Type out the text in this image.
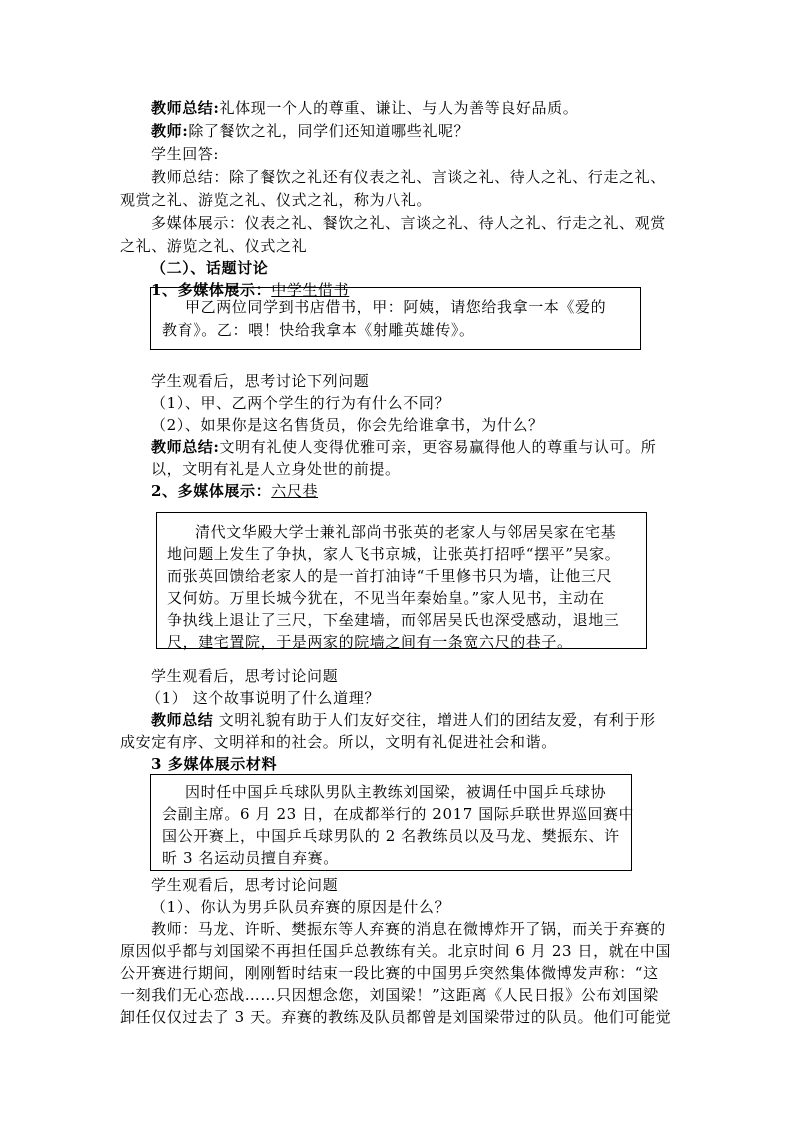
教师总结:礼体现一个人的尊重、谦让、与人为善等良好品质。
教师:除了餐饮之礼，同学们还知道哪些礼呢？
学生回答:
教师总结：除了餐饮之礼还有仪表之礼、言谈之礼、待人之礼、行走之礼、
观赏之礼、游览之礼、仪式之礼，称为八礼。
多媒体展示：仪表之礼、餐饮之礼、言谈之礼、待人之礼、行走之礼、观赏
之礼、游览之礼、仪式之礼
（二）、话题讨论
1、多媒体展示：中学生借书
甲乙两位同学到书店借书，甲：阿姨，请您给我拿一本《爱的
教育》。乙：喂！快给我拿本《射雕英雄传》。
学生观看后，思考讨论下列问题
（1）、甲、乙两个学生的行为有什么不同？
（2）、如果你是这名售货员，你会先给谁拿书，为什么？
教师总结:文明有礼使人变得优雅可亲，更容易赢得他人的尊重与认可。所
以，文明有礼是人立身处世的前提。
2、多媒体展示：六尺巷
清代文华殿大学士兼礼部尚书张英的老家人与邻居吴家在宅基
地问题上发生了争执，家人飞书京城，让张英打招呼“摆平”吴家。
而张英回馈给老家人的是一首打油诗“千里修书只为墙，让他三尺
又何妨。万里长城今犹在，不见当年秦始皇。”家人见书，主动在
争执线上退让了三尺，下垒建墙，而邻居吴氏也深受感动，退地三
尺，建宅置院，于是两家的院墙之间有一条宽六尺的巷子。
学生观看后，思考讨论问题
（1） 这个故事说明了什么道理？
教师总结 文明礼貌有助于人们友好交往，增进人们的团结友爱，有利于形
成安定有序、文明祥和的社会。所以，文明有礼促进社会和谐。
3 多媒体展示材料
因时任中国乒乓球队男队主教练刘国梁，被调任中国乒乓球协
会副主席。6 月 23 日，在成都举行的 2017 国际乒联世界巡回赛中
国公开赛上，中国乒乓球男队的 2 名教练员以及马龙、樊振东、许
昕 3 名运动员擅自弃赛。
学生观看后，思考讨论问题
（1）、你认为男乒队员弃赛的原因是什么？
教师：马龙、许昕、樊振东等人弃赛的消息在微博炸开了锅，而关于弃赛的
原因似乎都与刘国梁不再担任国乒总教练有关。北京时间 6 月 23 日，就在中国
公开赛进行期间，刚刚暂时结束一段比赛的中国男乒突然集体微博发声称：“这
一刻我们无心恋战……只因想念您，刘国梁！”这距离《人民日报》公布刘国梁
卸任仅仅过去了 3 天。弃赛的教练及队员都曾是刘国梁带过的队员。他们可能觉
